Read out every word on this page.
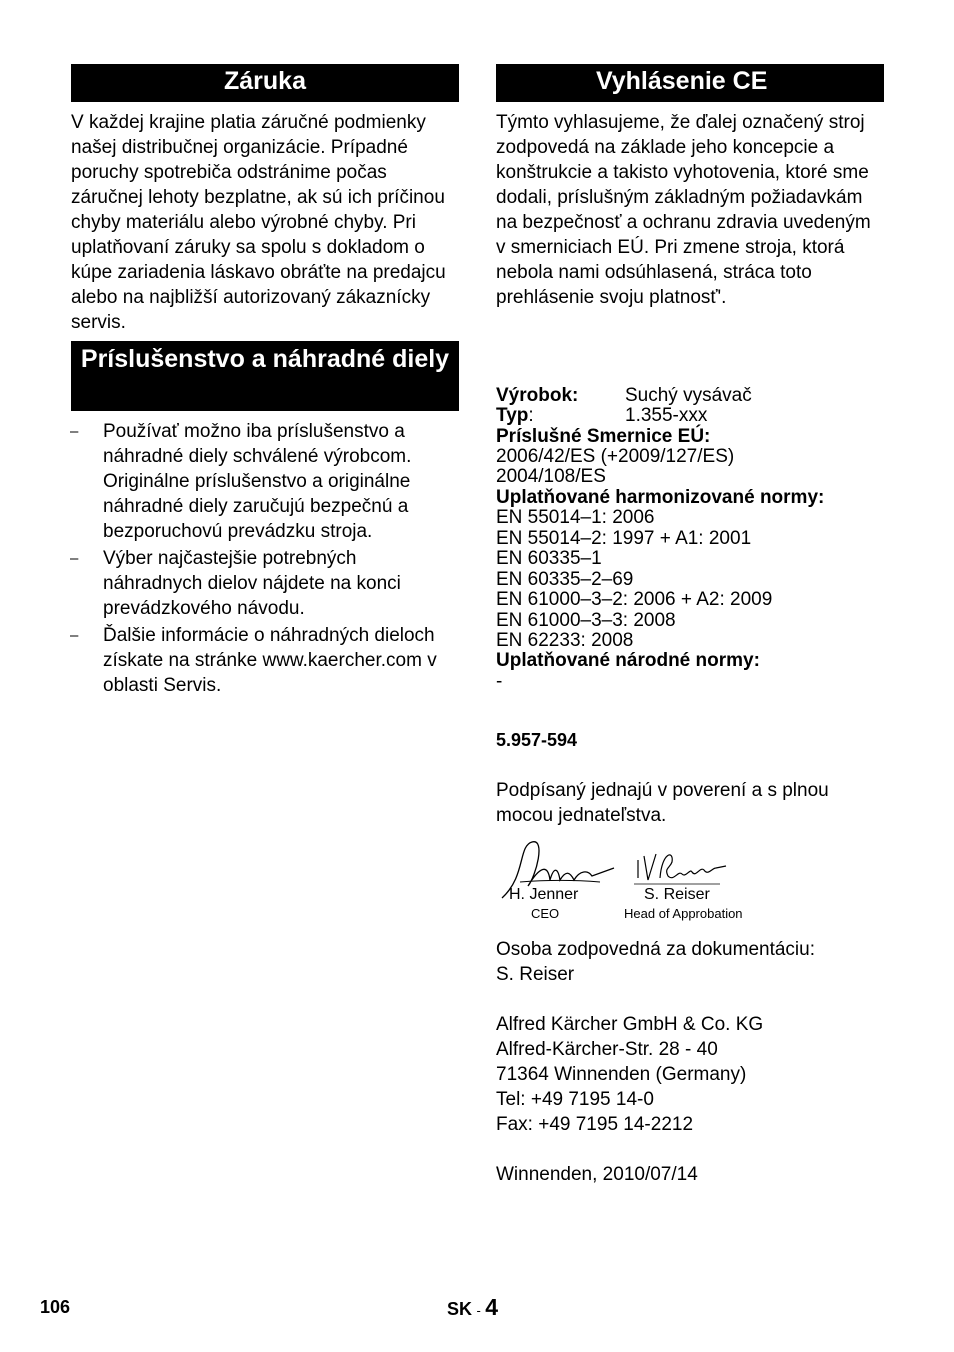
Záruka
V každej krajine platia záručné podmienky našej distribučnej organizácie. Prípadné poruchy spotrebiča odstránime počas záručnej lehoty bezplatne, ak sú ich príčinou chyby materiálu alebo výrobné chyby. Pri uplatňovaní záruky sa spolu s dokladom o kúpe zariadenia láskavo obráťte na predajcu alebo na najbližší autorizovaný zákaznícky servis.
Príslušenstvo a náhradné diely
– Používať možno iba príslušenstvo a náhradné diely schválené výrobcom. Originálne príslušenstvo a originálne náhradné diely zaručujú bezpečnú a bezporuchovú prevádzku stroja.
– Výber najčastejšie potrebných náhradnych dielov nájdete na konci prevádzkového návodu.
– Ďalšie informácie o náhradných dieloch získate na stránke www.kaercher.com v oblasti Servis.
Vyhlásenie CE
Týmto vyhlasujeme, že ďalej označený stroj zodpovedá na základe jeho koncepcie a konštrukcie a takisto vyhotovenia, ktoré sme dodali, príslušným základným požiadavkám na bezpečnosť a ochranu zdravia uvedeným v smerniciach EÚ. Pri zmene stroja, ktorá nebola nami odsúhlasená, stráca toto prehlásenie svoju platnosť'.
Výrobok: Suchý vysávač
Typ:	1.355-xxx
Príslušné Smernice EÚ:
2006/42/ES (+2009/127/ES)
2004/108/ES
Uplatňované harmonizované normy:
EN 55014–1: 2006
EN 55014–2: 1997 + A1: 2001
EN 60335–1
EN 60335–2–69
EN 61000–3–2: 2006 + A2: 2009
EN 61000–3–3: 2008
EN 62233: 2008
Uplatňované národné normy:
-
5.957-594
Podpísaný jednajú v poverení a s plnou mocou jednateľstva.
H. Jenner
CEO
S. Reiser
Head of Approbation
Osoba zodpovedná za dokumentáciu:
S. Reiser
Alfred Kärcher GmbH & Co. KG
Alfred-Kärcher-Str. 28 - 40
71364 Winnenden (Germany)
Tel: +49 7195 14-0
Fax: +49 7195 14-2212
Winnenden, 2010/07/14
106	SK - 4
